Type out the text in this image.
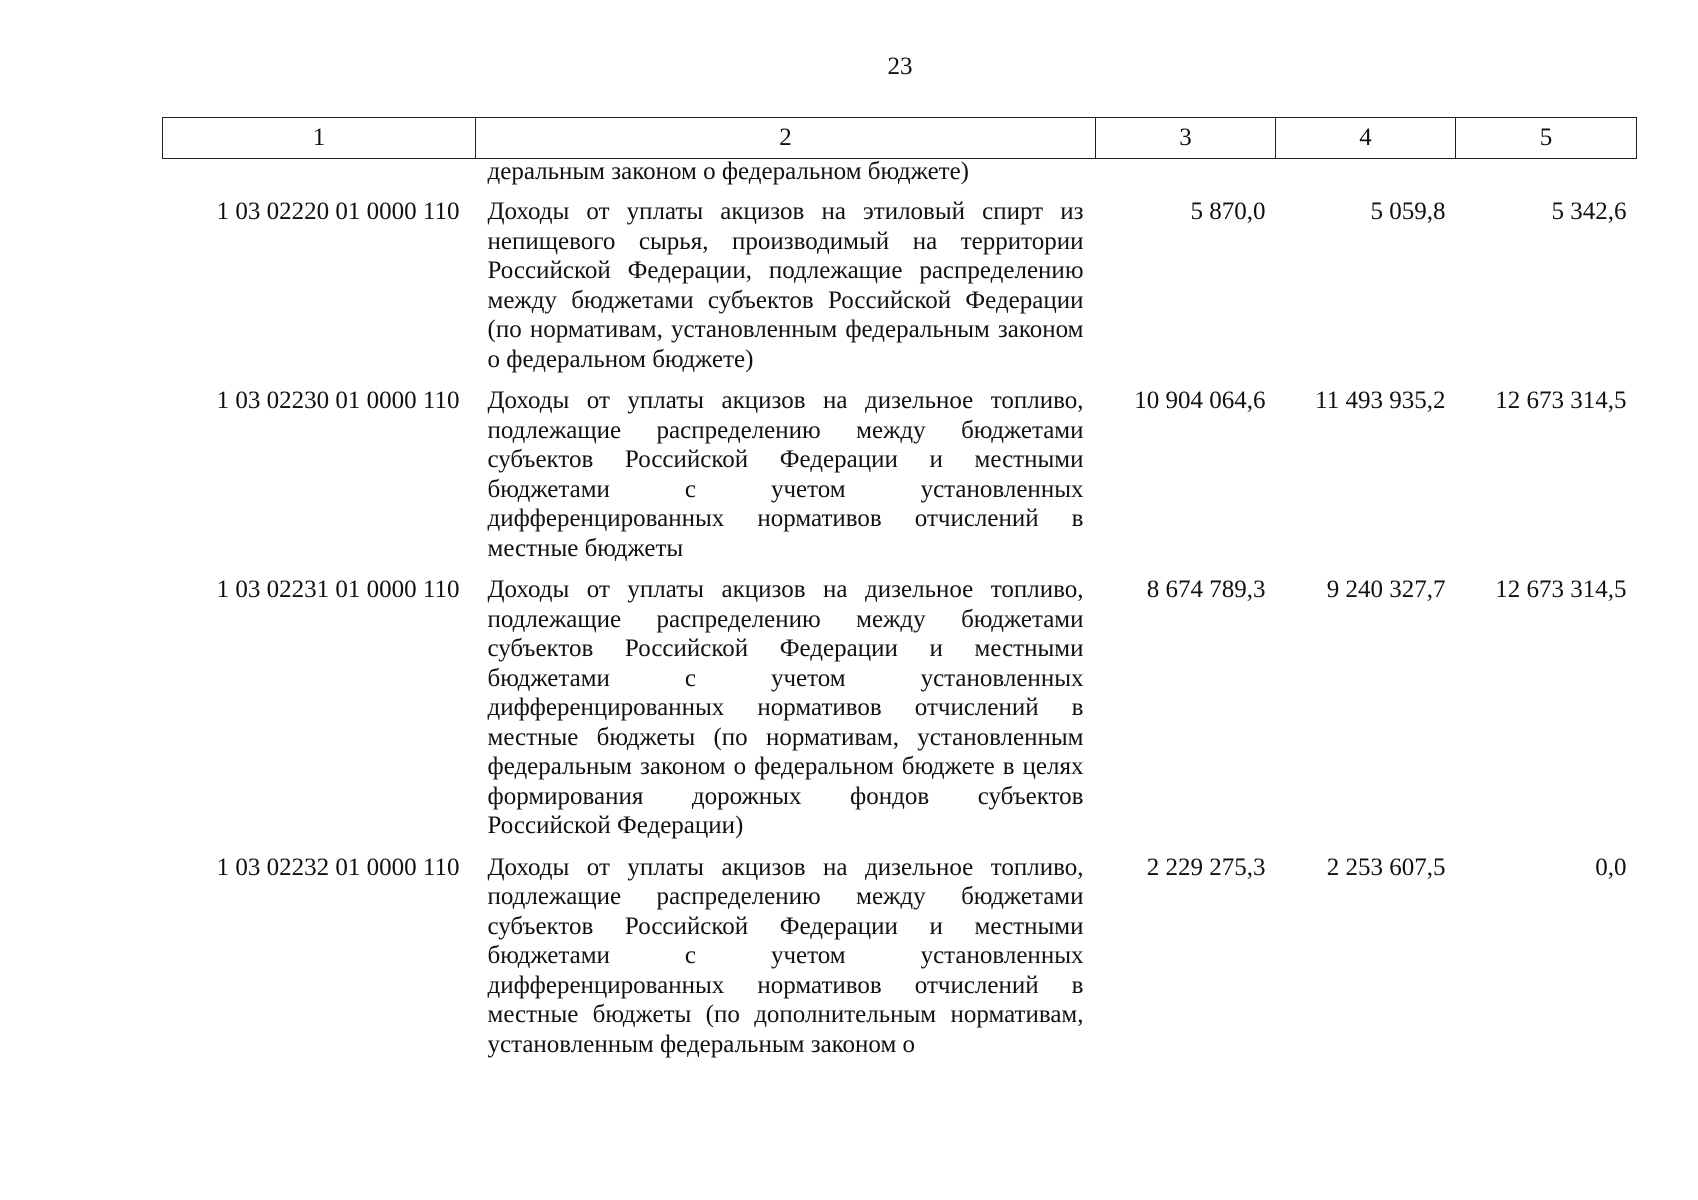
23
1	2	3	4	5
	деральным законом о федеральном бюджете)			
1 03 02220 01 0000 110	Доходы от уплаты акцизов на этиловый спирт из непищевого сырья, производимый на территории Российской Федерации, подлежащие распределению между бюджетами субъектов Российской Федерации (по нормативам, установленным федеральным законом о федеральном бюджете)	5 870,0	5 059,8	5 342,6
1 03 02230 01 0000 110	Доходы от уплаты акцизов на дизельное топливо, подлежащие распределению между бюджетами субъектов Российской Федерации и местными бюджетами с учетом установленных дифференцированных нормативов отчислений в местные бюджеты	10 904 064,6	11 493 935,2	12 673 314,5
1 03 02231 01 0000 110	Доходы от уплаты акцизов на дизельное топливо, подлежащие распределению между бюджетами субъектов Российской Федерации и местными бюджетами с учетом установленных дифференцированных нормативов отчислений в местные бюджеты (по нормативам, установленным федеральным законом о федеральном бюджете в целях формирования дорожных фондов субъектов Российской Федерации)	8 674 789,3	9 240 327,7	12 673 314,5
1 03 02232 01 0000 110	Доходы от уплаты акцизов на дизельное топливо, подлежащие распределению между бюджетами субъектов Российской Федерации и местными бюджетами с учетом установленных дифференцированных нормативов отчислений в местные бюджеты (по дополнительным нормативам, установленным федеральным законом о	2 229 275,3	2 253 607,5	0,0
